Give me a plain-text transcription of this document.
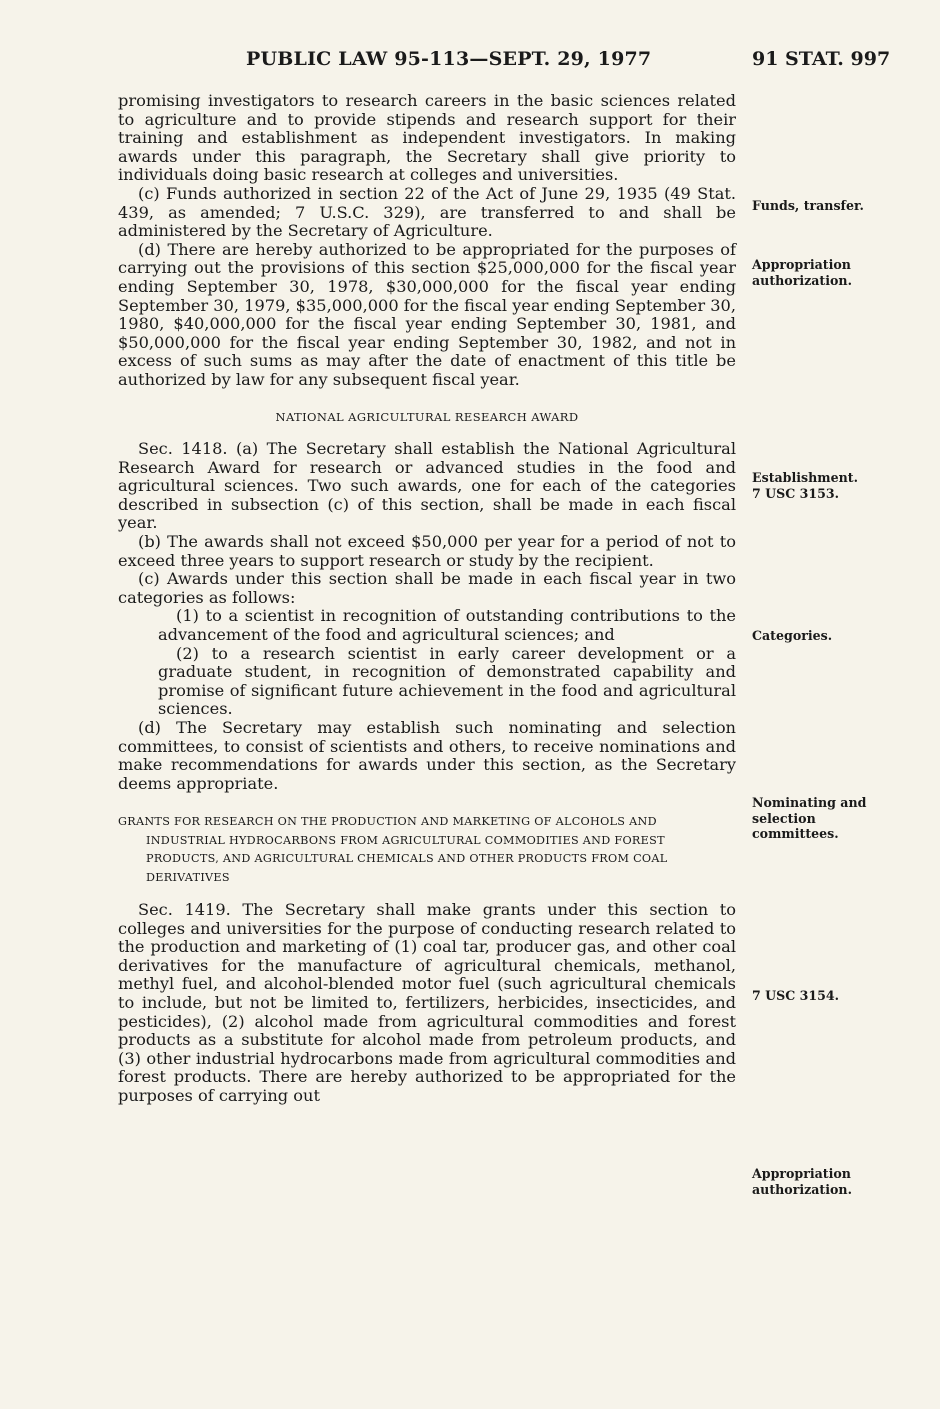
PUBLIC LAW 95-113—SEPT. 29, 1977	91 STAT. 997

promising investigators to research careers in the basic sciences related to agriculture and to provide stipends and research support for their training and establishment as independent investigators. In making awards under this paragraph, the Secretary shall give priority to individuals doing basic research at colleges and universities.

(c) Funds authorized in section 22 of the Act of June 29, 1935 (49 Stat. 439, as amended; 7 U.S.C. 329), are transferred to and shall be administered by the Secretary of Agriculture.

(d) There are hereby authorized to be appropriated for the purposes of carrying out the provisions of this section $25,000,000 for the fiscal year ending September 30, 1978, $30,000,000 for the fiscal year ending September 30, 1979, $35,000,000 for the fiscal year ending September 30, 1980, $40,000,000 for the fiscal year ending September 30, 1981, and $50,000,000 for the fiscal year ending September 30, 1982, and not in excess of such sums as may after the date of enactment of this title be authorized by law for any subsequent fiscal year.

NATIONAL AGRICULTURAL RESEARCH AWARD

Sec. 1418. (a) The Secretary shall establish the National Agricultural Research Award for research or advanced studies in the food and agricultural sciences. Two such awards, one for each of the categories described in subsection (c) of this section, shall be made in each fiscal year.

(b) The awards shall not exceed $50,000 per year for a period of not to exceed three years to support research or study by the recipient.

(c) Awards under this section shall be made in each fiscal year in two categories as follows:

(1) to a scientist in recognition of outstanding contributions to the advancement of the food and agricultural sciences; and

(2) to a research scientist in early career development or a graduate student, in recognition of demonstrated capability and promise of significant future achievement in the food and agricultural sciences.

(d) The Secretary may establish such nominating and selection committees, to consist of scientists and others, to receive nominations and make recommendations for awards under this section, as the Secretary deems appropriate.

GRANTS FOR RESEARCH ON THE PRODUCTION AND MARKETING OF ALCOHOLS AND INDUSTRIAL HYDROCARBONS FROM AGRICULTURAL COMMODITIES AND FOREST PRODUCTS, AND AGRICULTURAL CHEMICALS AND OTHER PRODUCTS FROM COAL DERIVATIVES

Sec. 1419. The Secretary shall make grants under this section to colleges and universities for the purpose of conducting research related to the production and marketing of (1) coal tar, producer gas, and other coal derivatives for the manufacture of agricultural chemicals, methanol, methyl fuel, and alcohol-blended motor fuel (such agricultural chemicals to include, but not be limited to, fertilizers, herbicides, insecticides, and pesticides), (2) alcohol made from agricultural commodities and forest products as a substitute for alcohol made from petroleum products, and (3) other industrial hydrocarbons made from agricultural commodities and forest products. There are hereby authorized to be appropriated for the purposes of carrying out

Funds, transfer.
Appropriation
authorization.
Establishment.
7 USC 3153.
Categories.
Nominating and
selection
committees.
7 USC 3154.
Appropriation
authorization.
